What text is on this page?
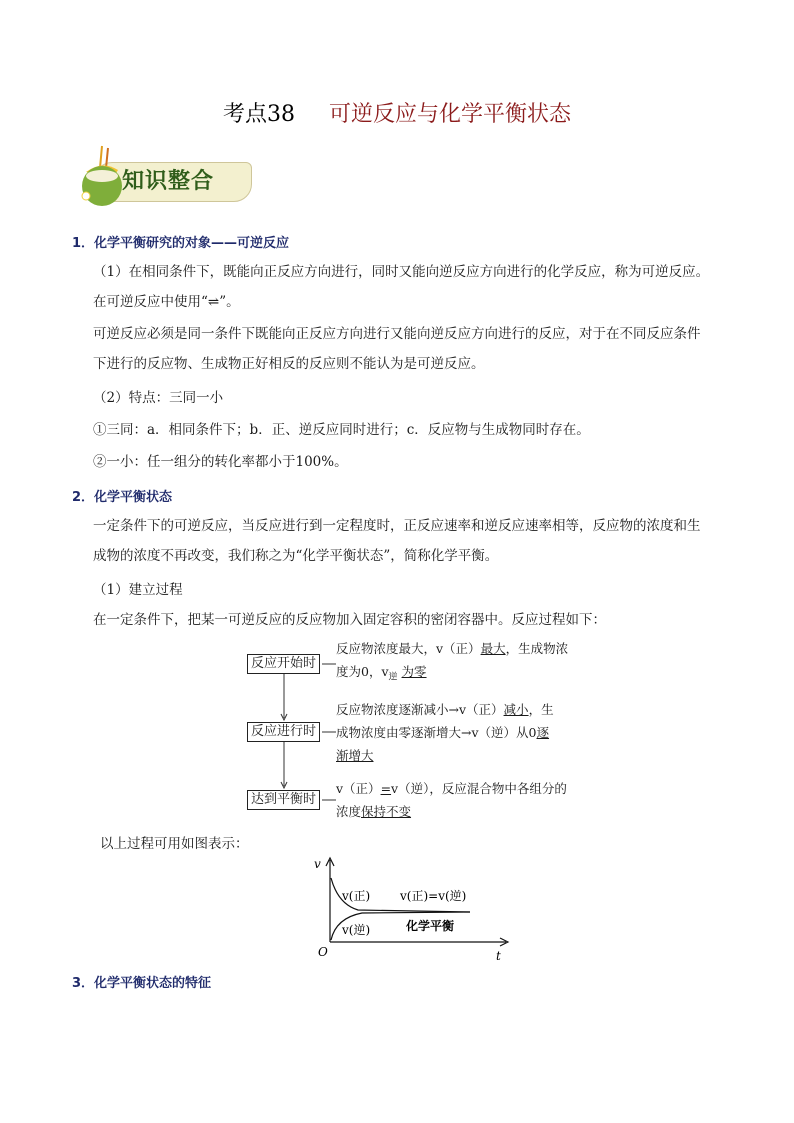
考点38 可逆反应与化学平衡状态
知识整合
1．化学平衡研究的对象——可逆反应
（1）在相同条件下，既能向正反应方向进行，同时又能向逆反应方向进行的化学反应，称为可逆反应。
在可逆反应中使用“⇌”。
可逆反应必须是同一条件下既能向正反应方向进行又能向逆反应方向进行的反应，对于在不同反应条件
下进行的反应物、生成物正好相反的反应则不能认为是可逆反应。
（2）特点：三同一小
①三同：a．相同条件下；b．正、逆反应同时进行；c．反应物与生成物同时存在。
②一小：任一组分的转化率都小于100%。
2．化学平衡状态
一定条件下的可逆反应，当反应进行到一定程度时，正反应速率和逆反应速率相等，反应物的浓度和生
成物的浓度不再改变，我们称之为“化学平衡状态”，简称化学平衡。
（1）建立过程
在一定条件下，把某一可逆反应的反应物加入固定容积的密闭容器中。反应过程如下：
反应开始时
反应进行时
达到平衡时
反应物浓度最大，v（正）最大，生成物浓
度为0，$v_逆$ 为零
反应物浓度逐渐减小→v（正）减小，生
成物浓度由零逐渐增大→v（逆）从0逐
渐增大
v（正）=v（逆），反应混合物中各组分的
浓度保持不变
以上过程可用如图表示：
v
t
O
v(正)
v(逆)
v(正)=v(逆)
化学平衡
3．化学平衡状态的特征
